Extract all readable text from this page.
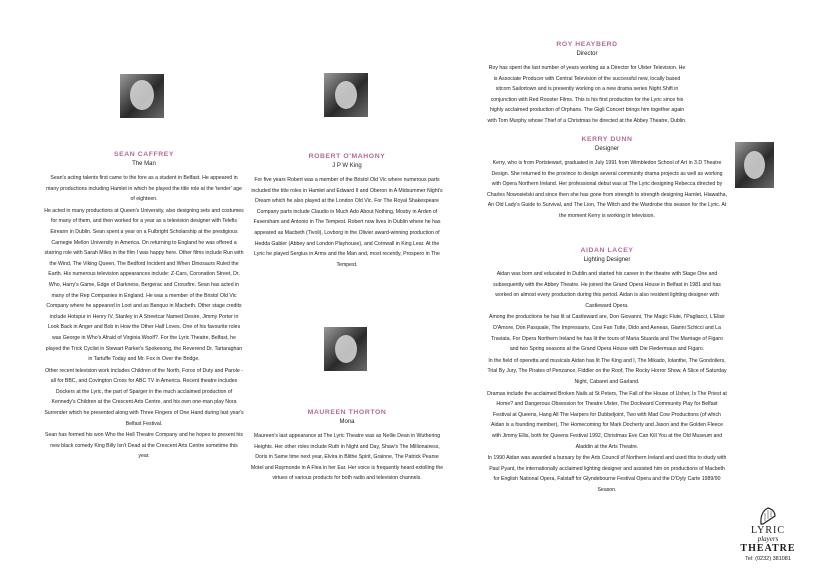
SEAN CAFFREY
The Man

Sean's acting talents first came to the fore as a student in Belfast. He appeared in many productions including Hamlet in which he played the title role at the 'tender' age of eighteen.

He acted in many productions at Queen's University, also designing sets and costumes for many of them, and then worked for a year as a television designer with Telefis Eireann in Dublin. Sean spent a year on a Fulbright Scholarship at the prestigious Carnegie Mellon University in America. On returning to England he was offered a starring role with Sarah Miles in the film I was happy here. Other films include Run with the Wind, The Viking Queen, The Bedford Incident and When Dinosaurs Ruled the Earth. His numerous television appearances include: Z-Cars, Coronation Street, Dr. Who, Harry's Game, Edge of Darkness, Bergerac and Crossfire. Sean has acted in many of the Rep Companies in England. He was a member of the Bristol Old Vic Company where he appeared in Loot and as Banquo in Macbeth. Other stage credits include Hotspur in Henry IV, Stanley in A Streetcar Named Desire, Jimmy Porter in Look Back in Anger and Bob in How the Other Half Loves. One of his favourite roles was George in Who's Afraid of Virginia Woolf?. For the Lyric Theatre, Belfast, he played the Trick Cyclist in Stewart Parker's Spokesong, the Reverend Dr. Tartaraghan in Tartuffe Today and Mr. Fox in Over the Bridge.

Other recent television work includes Children of the North, Force of Duty and Parole - all for BBC, and Covington Cross for ABC TV in America. Recent theatre includes Dockers at the Lyric, the part of Sparger in the much acclaimed production of Kennedy's Children at the Crescent Arts Centre, and his own one-man play Nora Surrender which he presented along with Three Fingers of One Hand during last year's Belfast Festival.

Sean has formed his won Who the Hell Theatre Company and he hopes to present his new black comedy King Billy Isn't Dead at the Crescent Arts Centre sometime this year.

ROBERT O'MAHONY
J P W King

For five years Robert was a member of the Bristol Old Vic where numerous parts included the title roles in Hamlet and Edward II and Oberon in A Midsummer Night's Dream which he also played at the London Old Vic. For The Royal Shakespeare Company parts include Claudio in Much Ado About Nothing, Mosby in Arden of Faversham and Antonio in The Tempest. Robert now lives in Dublin where he has appeared as Macbeth (Tivoli), Lovborg in the Olivier award-winning production of Hedda Gabler (Abbey and London Playhouse), and Cornwall in King Lear. At the Lyric he played Sergius in Arms and the Man and, most recently, Prospero in The Tempest.

MAUREEN THORTON
Mona

Maureen's last appearance at The Lyric Theatre was as Nellie Dean in Wuthering Heights. Her other roles include Ruth in Night and Day, Shaw's The Millionairess, Doris in Same time next year, Elvira in Blithe Spirit, Grainne, The Patrick Pearse Motel and Raymonde in A Flea in her Ear. Her voice is frequently heard extolling the virtues of various products for both radio and television channels.

ROY HEAYBERD
Director

Roy has spent the last number of years working as a Director for Ulster Television. He is Associate Producer with Central Television of the successful new, locally based sitcom Sailortown and is presently working on a new drama series Night Shift in conjunction with Red Rooster Films. This is his first production for the Lyric since his highly acclaimed production of Orphans. The Gigli Concert brings him together again with Tom Murphy whose Thief of a Christmas he directed at the Abbey Theatre, Dublin.

KERRY DUNN
Designer

Kerry, who is from Portstewart, graduated in July 1991 from Wimbledon School of Art in 3.D Theatre Design. She returned to the province to design several community drama projects as well as working with Opera Northern Ireland. Her professional debut was at The Lyric designing Rebecca directed by Charles Nowosielski and since then she has gone from strength to strength designing Hamlet, Hiawatha, An Old Lady's Guide to Survival, and The Lion, The Witch and the Wardrobe this season for the Lyric. At the moment Kerry is working in television.

AIDAN LACEY
Lighting Designer

Aidan was born and educated in Dublin and started his career in the theatre with Stage One and subsequently with the Abbey Theatre. He joined the Grand Opera House in Belfast in 1981 and has worked on almost every production during this period. Aidan is also resident lighting designer with Castleward Opera.

Among the productions he has lit at Castleward are, Don Giovanni, The Magic Flute, I'Pagliacci, L'Elisir D'Amore, Don Pasquale, The Impressario, Cosi Fan Tutte, Dido and Aeneas, Gianni Schicci and La Traviata. For Opera Northern Ireland he has lit the tours of Maria Stuarda and The Marriage of Figaro and two Spring seasons at the Grand Opera House with Die Fledermaus and Figaro.

In the field of operetta and musicals Aidan has lit The King and I, The Mikado, Iolanthe, The Gondoliers, Trial By Jury, The Pirates of Penzance, Fiddler on the Roof, The Rocky Horror Show, A Slice of Saturday Night, Cabaret and Garland.

Dramas include the acclaimed Broken Nails at St Peters, The Fall of the House of Usher, Is The Priest at Home? and Dangerous Obsession for Theatre Ulster, The Dockward Community Play for Belfast Festival at Queens, Hang All The Harpers for Dubbeljoint, Two with Mad Cow Productions (of which Aidan is a founding member), The Homecoming for Mark Docherty and Jason and the Golden Fleece with Jimmy Ellis, both for Queens Festival 1992, Christmas Eve Can Kill You at the Old Museum and Aladdin at the Arts Theatre.

In 1990 Aidan was awarded a bursary by the Arts Council of Northern Ireland and used this to study with Paul Pyant, the internationally acclaimed lighting designer and assisted him on productions of Macbeth for English National Opera, Falstaff for Glyndebourne Festival Opera and the D'Oyly Carte 1989/90 Season.

LYRIC
players
THEATRE
Tel: (0232) 381081
